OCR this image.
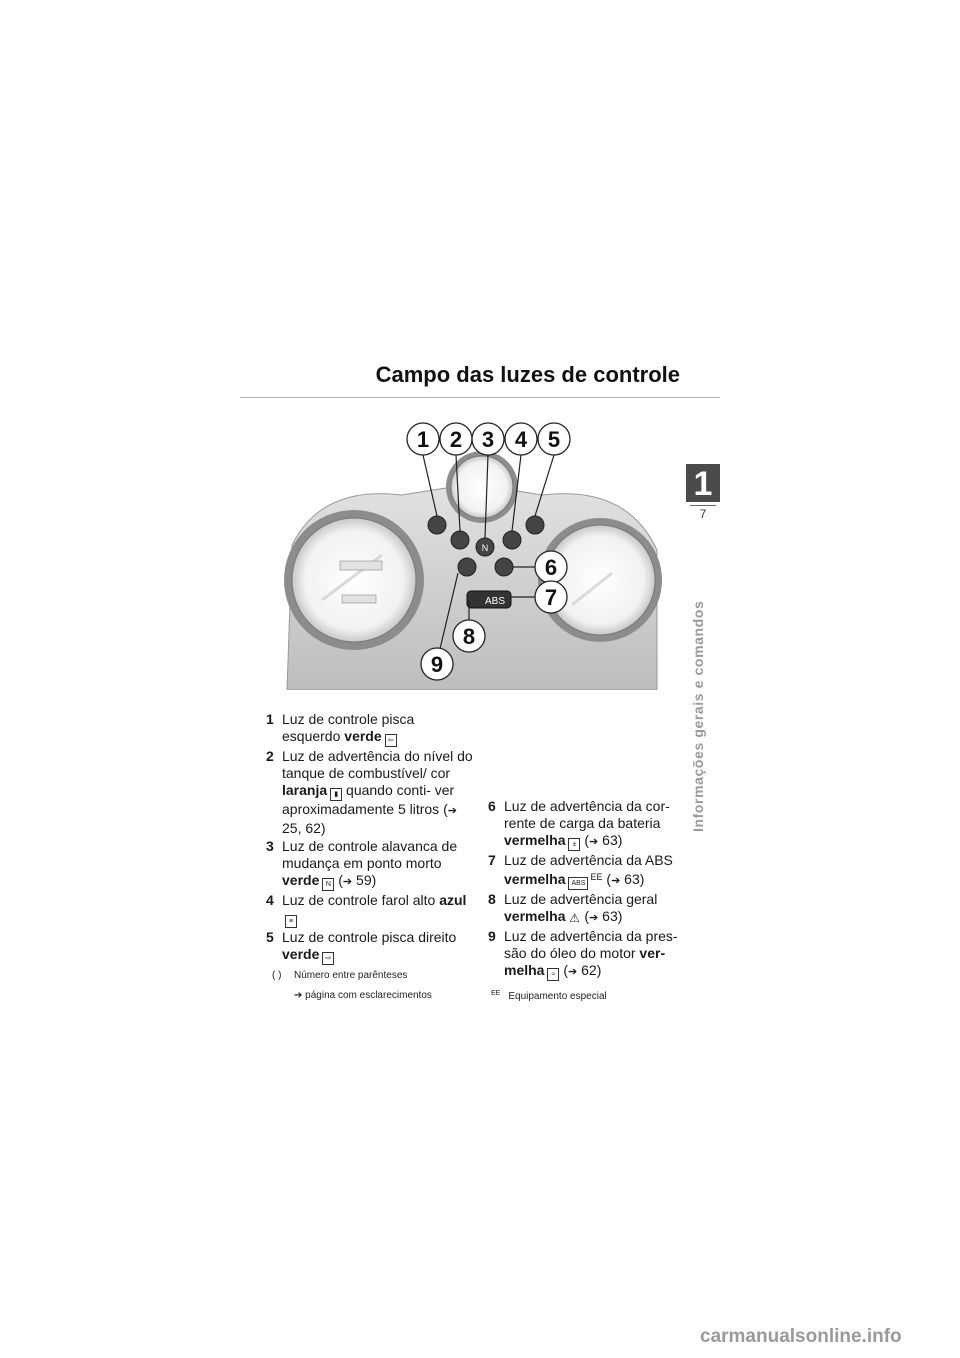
Campo das luzes de controle
1
7
Informações gerais e comandos
N
ABS
1 2 3 4 5
6
7
8
9
1 Luz de controle pisca esquerdo verde ⇦
2 Luz de advertência do nível do tanque de combustível/ cor laranja ▮ quando conti- ver aproximadamente 5 litros (➔ 25, 62)
3 Luz de controle alavanca de mudança em ponto morto verde N (➔ 59)
4 Luz de controle farol alto azul≡
5 Luz de controle pisca direito verde ⇨
6 Luz de advertência da cor- rente de carga da bateria vermelha ± (➔ 63)
7 Luz de advertência da ABS vermelha $ABS^{EE}$ (➔ 63)
8 Luz de advertência geral vermelha ⚠ (➔ 63)
9 Luz de advertência da pres- são do óleo do motor ver- melha ≈ (➔ 62)
( ) Número entre parênteses
➔ página com esclarecimentos	$^{EE}$ Equipamento especial
carmanualsonline.info
